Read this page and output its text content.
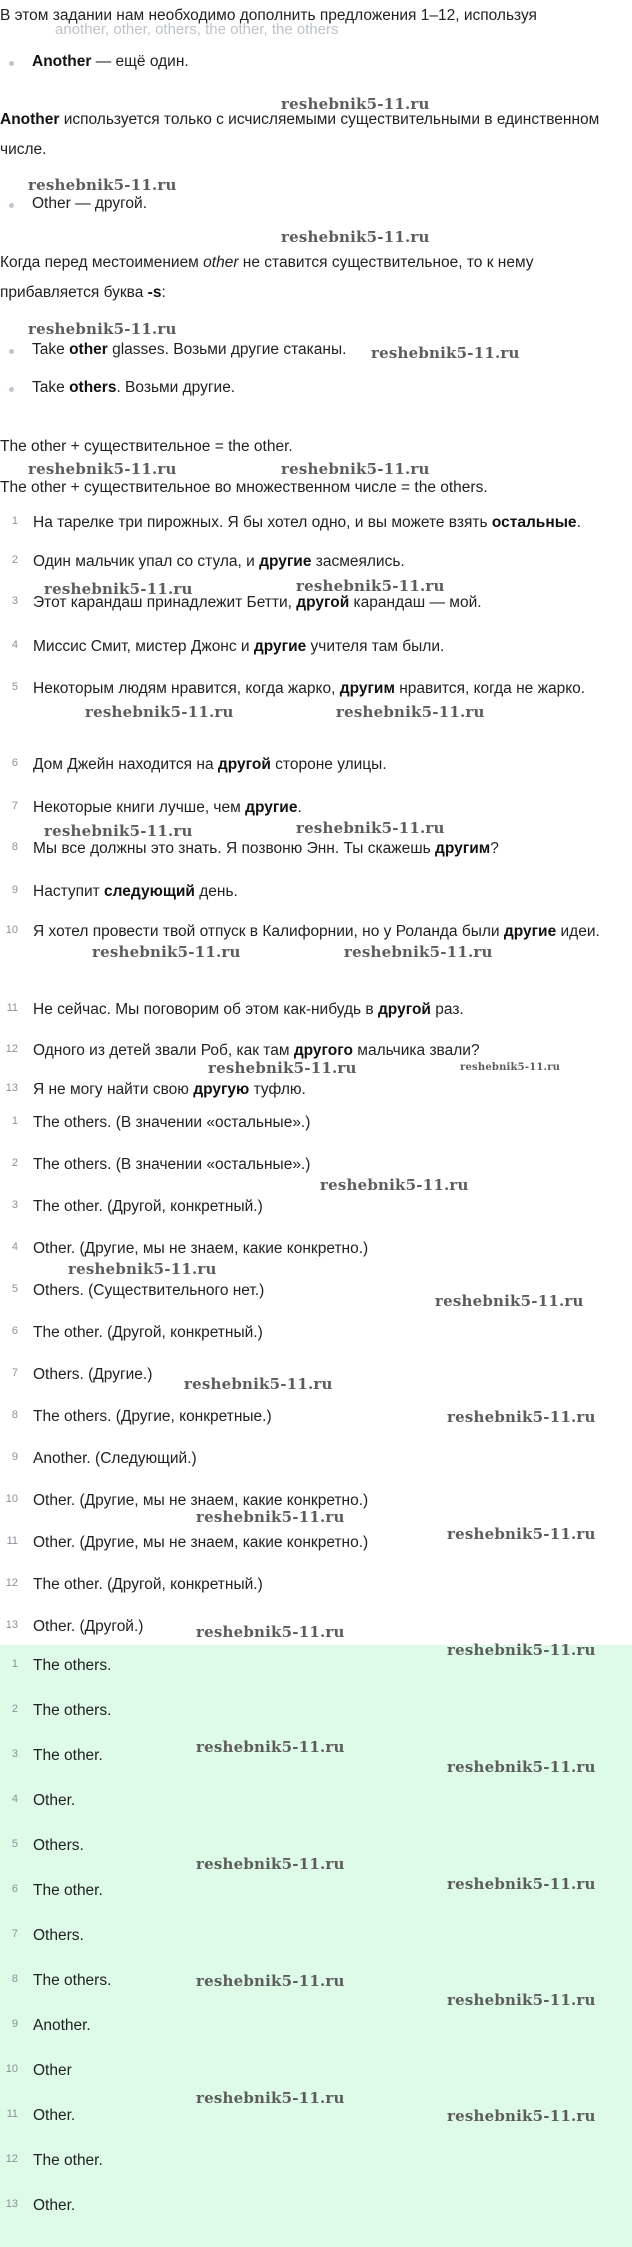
В этом задании нам необходимо дополнить предложения 1–12, используя
another, other, others, the other, the others
Another — ещё один.
Another используется только с исчисляемыми существительными в единственном числе.
Other — другой.
Когда перед местоимением other не ставится существительное, то к нему прибавляется буква -s:
Take other glasses. Возьми другие стаканы.
Take others. Возьми другие.
The other + существительное = the other.
The other + существительное во множественном числе = the others.
1 На тарелке три пирожных. Я бы хотел одно, и вы можете взять остальные.
2 Один мальчик упал со стула, и другие засмеялись.
3 Этот карандаш принадлежит Бетти, другой карандаш — мой.
4 Миссис Смит, мистер Джонс и другие учителя там были.
5 Некоторым людям нравится, когда жарко, другим нравится, когда не жарко.
6 Дом Джейн находится на другой стороне улицы.
7 Некоторые книги лучше, чем другие.
8 Мы все должны это знать. Я позвоню Энн. Ты скажешь другим?
9 Наступит следующий день.
10 Я хотел провести твой отпуск в Калифорнии, но у Роланда были другие идеи.
11 Не сейчас. Мы поговорим об этом как-нибудь в другой раз.
12 Одного из детей звали Роб, как там другого мальчика звали?
13 Я не могу найти свою другую туфлю.
1 The others. (В значении «остальные».)
2 The others. (В значении «остальные».)
3 The other. (Другой, конкретный.)
4 Other. (Другие, мы не знаем, какие конкретно.)
5 Others. (Существительного нет.)
6 The other. (Другой, конкретный.)
7 Others. (Другие.)
8 The others. (Другие, конкретные.)
9 Another. (Следующий.)
10 Other. (Другие, мы не знаем, какие конкретно.)
11 Other. (Другие, мы не знаем, какие конкретно.)
12 The other. (Другой, конкретный.)
13 Other. (Другой.)
1 The others.
2 The others.
3 The other.
4 Other.
5 Others.
6 The other.
7 Others.
8 The others.
9 Another.
10 Other
11 Other.
12 The other.
13 Other.
reshebnik5-11.ru
reshebnik5-11.ru
reshebnik5-11.ru
reshebnik5-11.ru
reshebnik5-11.ru
reshebnik5-11.ru	reshebnik5-11.ru
reshebnik5-11.ru	reshebnik5-11.ru
reshebnik5-11.ru	reshebnik5-11.ru
reshebnik5-11.ru	reshebnik5-11.ru
reshebnik5-11.ru	reshebnik5-11.ru
reshebnik5-11.ru	reshebnik5-11.ru
reshebnik5-11.ru
reshebnik5-11.ru
reshebnik5-11.ru
reshebnik5-11.ru
reshebnik5-11.ru
reshebnik5-11.ru
reshebnik5-11.ru
reshebnik5-11.ru
reshebnik5-11.ru
reshebnik5-11.ru
reshebnik5-11.ru
reshebnik5-11.ru
reshebnik5-11.ru
reshebnik5-11.ru
reshebnik5-11.ru
reshebnik5-11.ru
reshebnik5-11.ru
